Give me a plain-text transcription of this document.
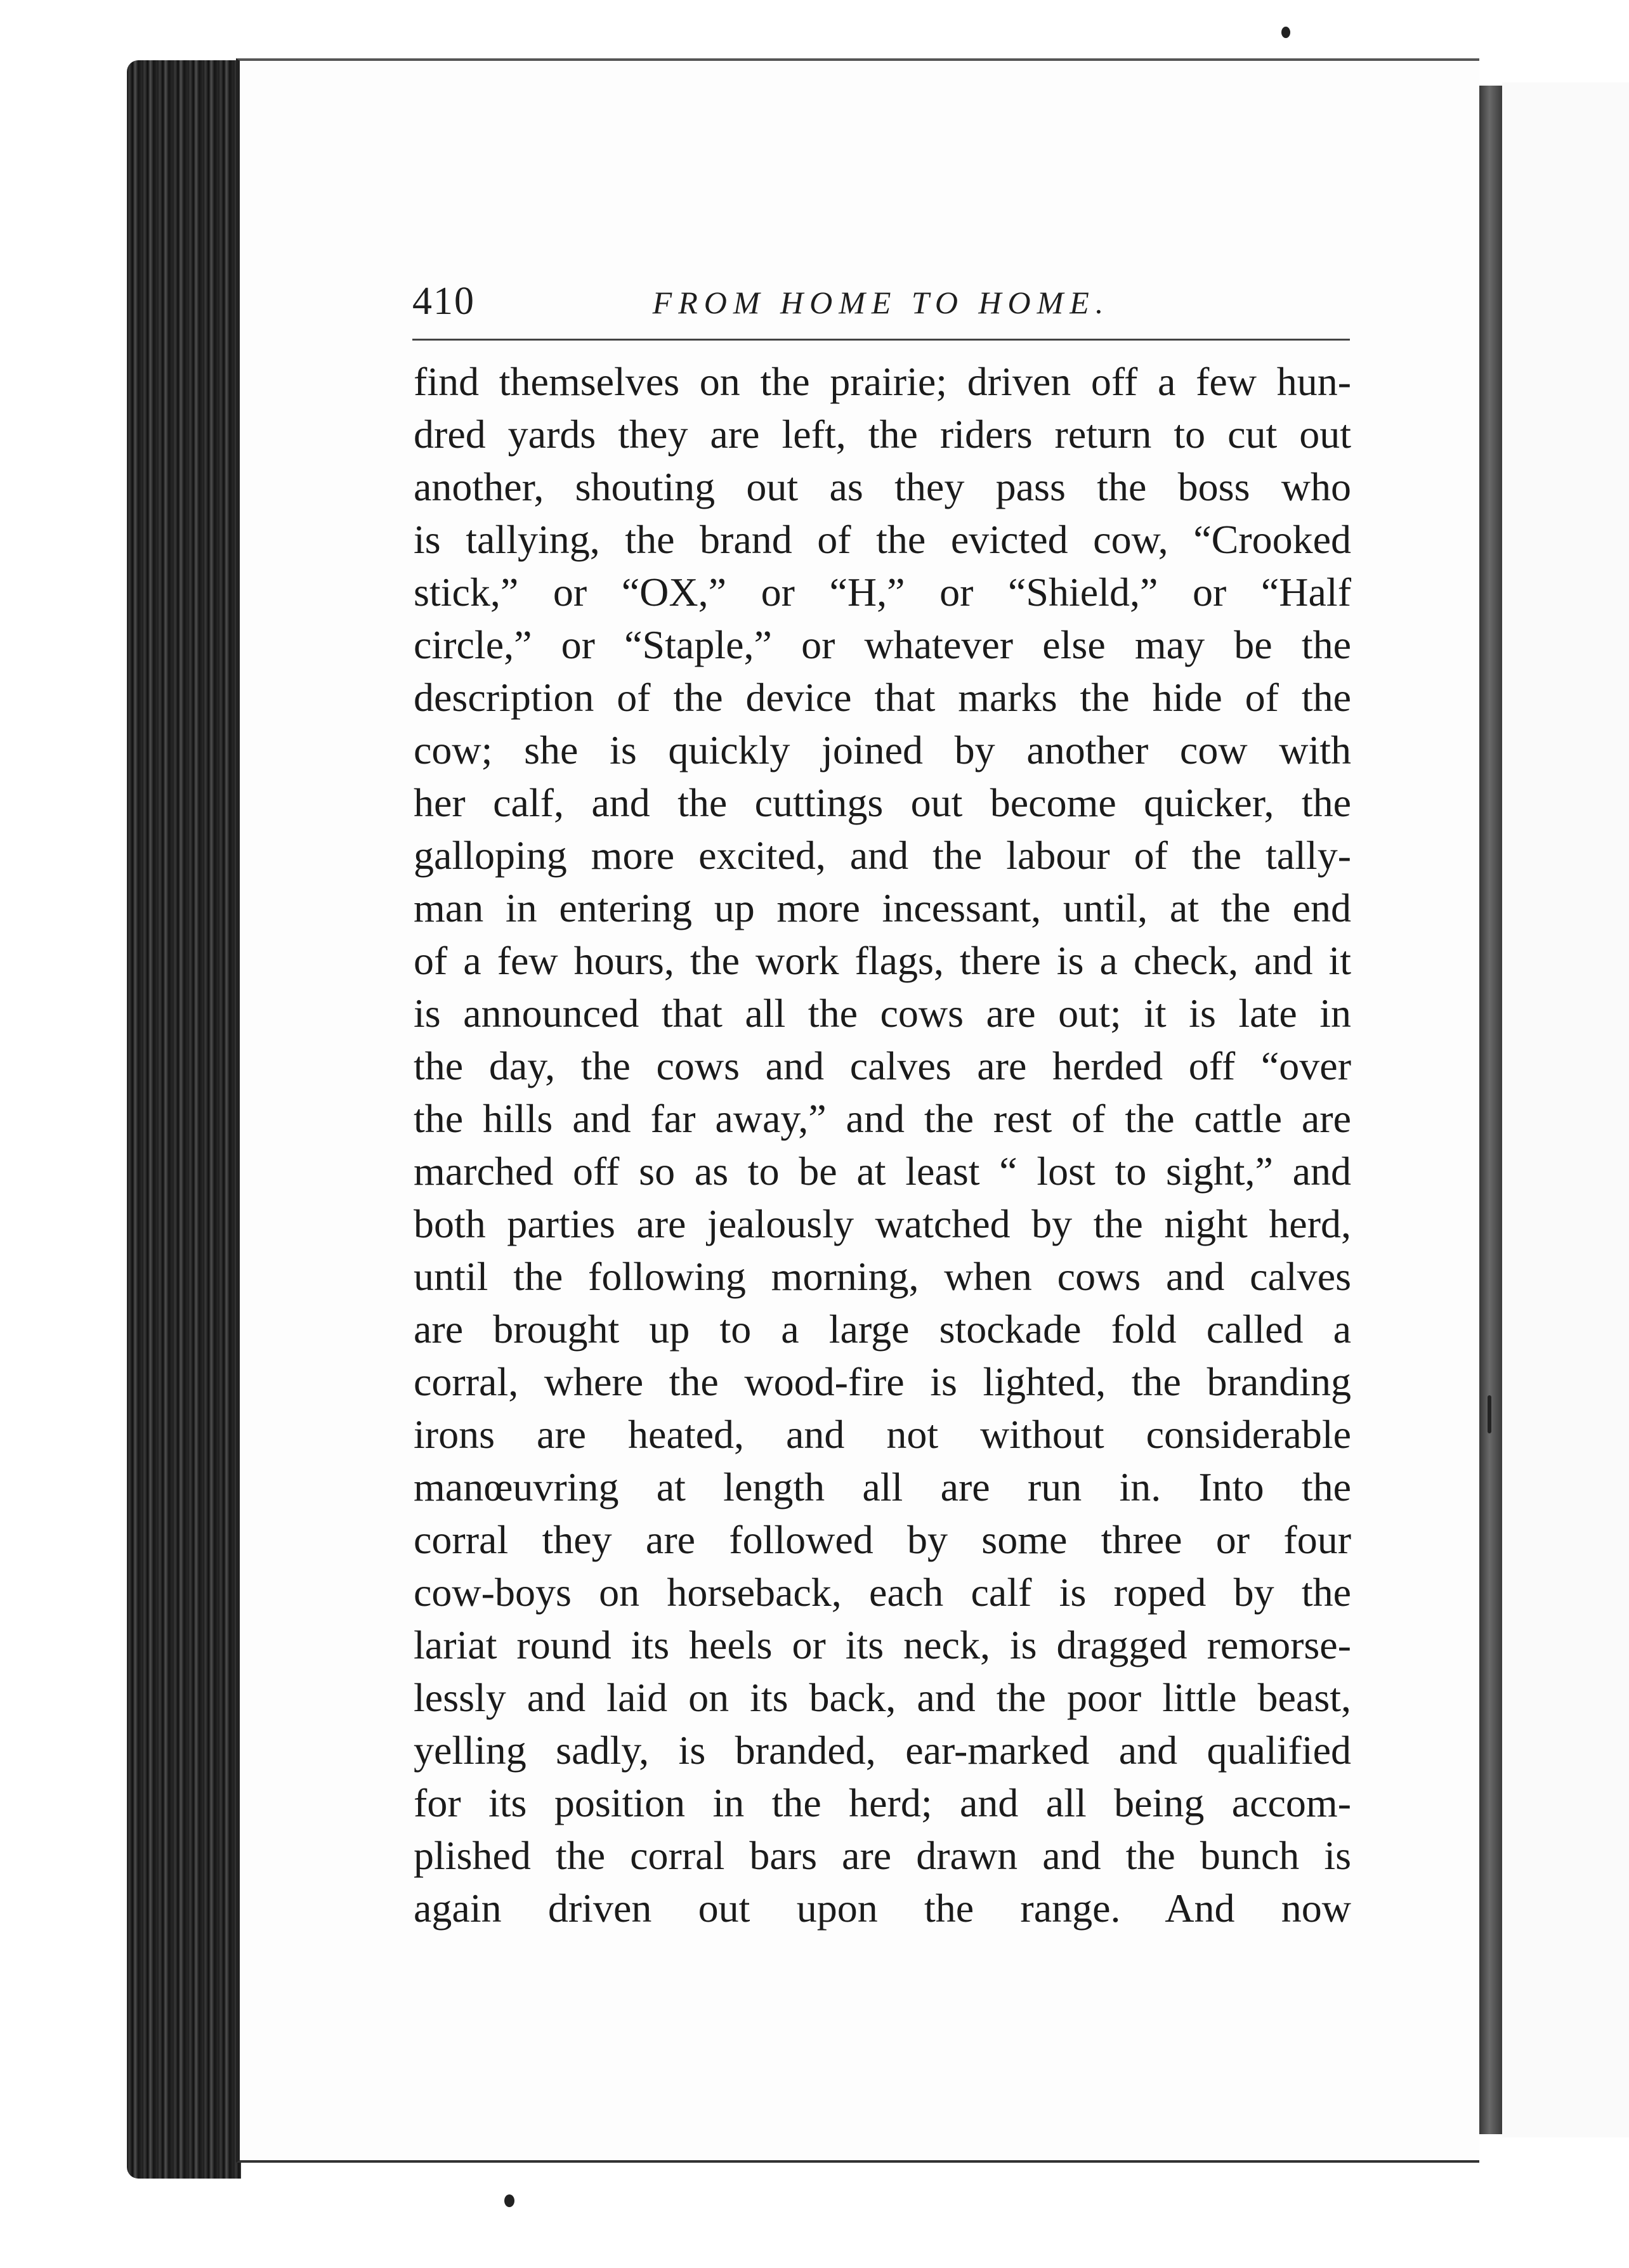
410	FROM HOME TO HOME.
find themselves on the prairie; driven off a few hun-
dred yards they are left, the riders return to cut out
another, shouting out as they pass the boss who
is tallying, the brand of the evicted cow, “Crooked
stick,” or “OX,” or “H,” or “Shield,” or “Half
circle,” or “Staple,” or whatever else may be the
description of the device that marks the hide of the
cow; she is quickly joined by another cow with
her calf, and the cuttings out become quicker, the
galloping more excited, and the labour of the tally-
man in entering up more incessant, until, at the end
of a few hours, the work flags, there is a check, and it
is announced that all the cows are out; it is late in
the day, the cows and calves are herded off “over
the hills and far away,” and the rest of the cattle are
marched off so as to be at least “ lost to sight,” and
both parties are jealously watched by the night herd,
until the following morning, when cows and calves
are brought up to a large stockade fold called a
corral, where the wood-fire is lighted, the branding
irons are heated, and not without considerable
manœuvring at length all are run in. Into the
corral they are followed by some three or four
cow-boys on horseback, each calf is roped by the
lariat round its heels or its neck, is dragged remorse-
lessly and laid on its back, and the poor little beast,
yelling sadly, is branded, ear-marked and qualified
for its position in the herd; and all being accom-
plished the corral bars are drawn and the bunch is
again driven out upon the range. And now
